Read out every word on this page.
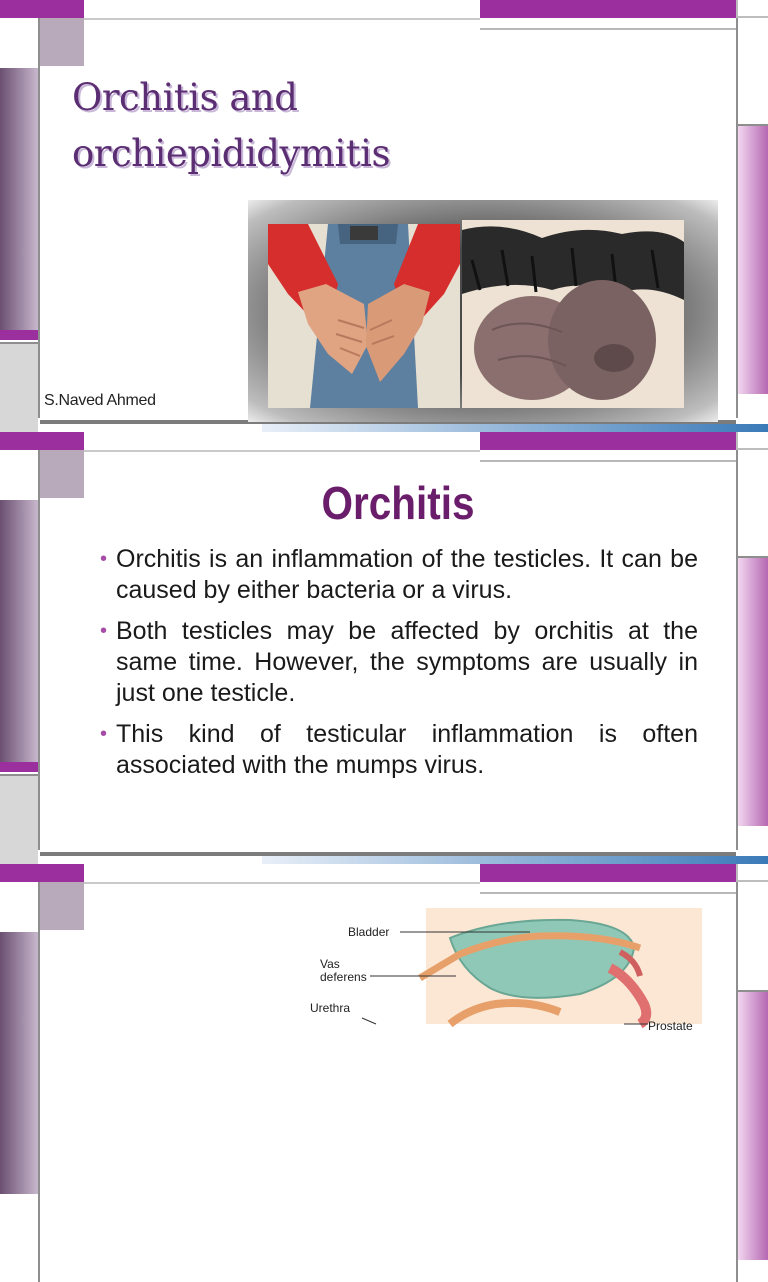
Orchitis and orchiepididymitis
S.Naved Ahmed
Orchitis
• Orchitis is an inflammation of the testicles. It can be caused by either bacteria or a virus.
• Both testicles may be affected by orchitis at the same time. However, the symptoms are usually in just one testicle.
• This kind of testicular inflammation is often associated with the mumps virus.
Bladder
Vas deferens
Urethra
Prostate
